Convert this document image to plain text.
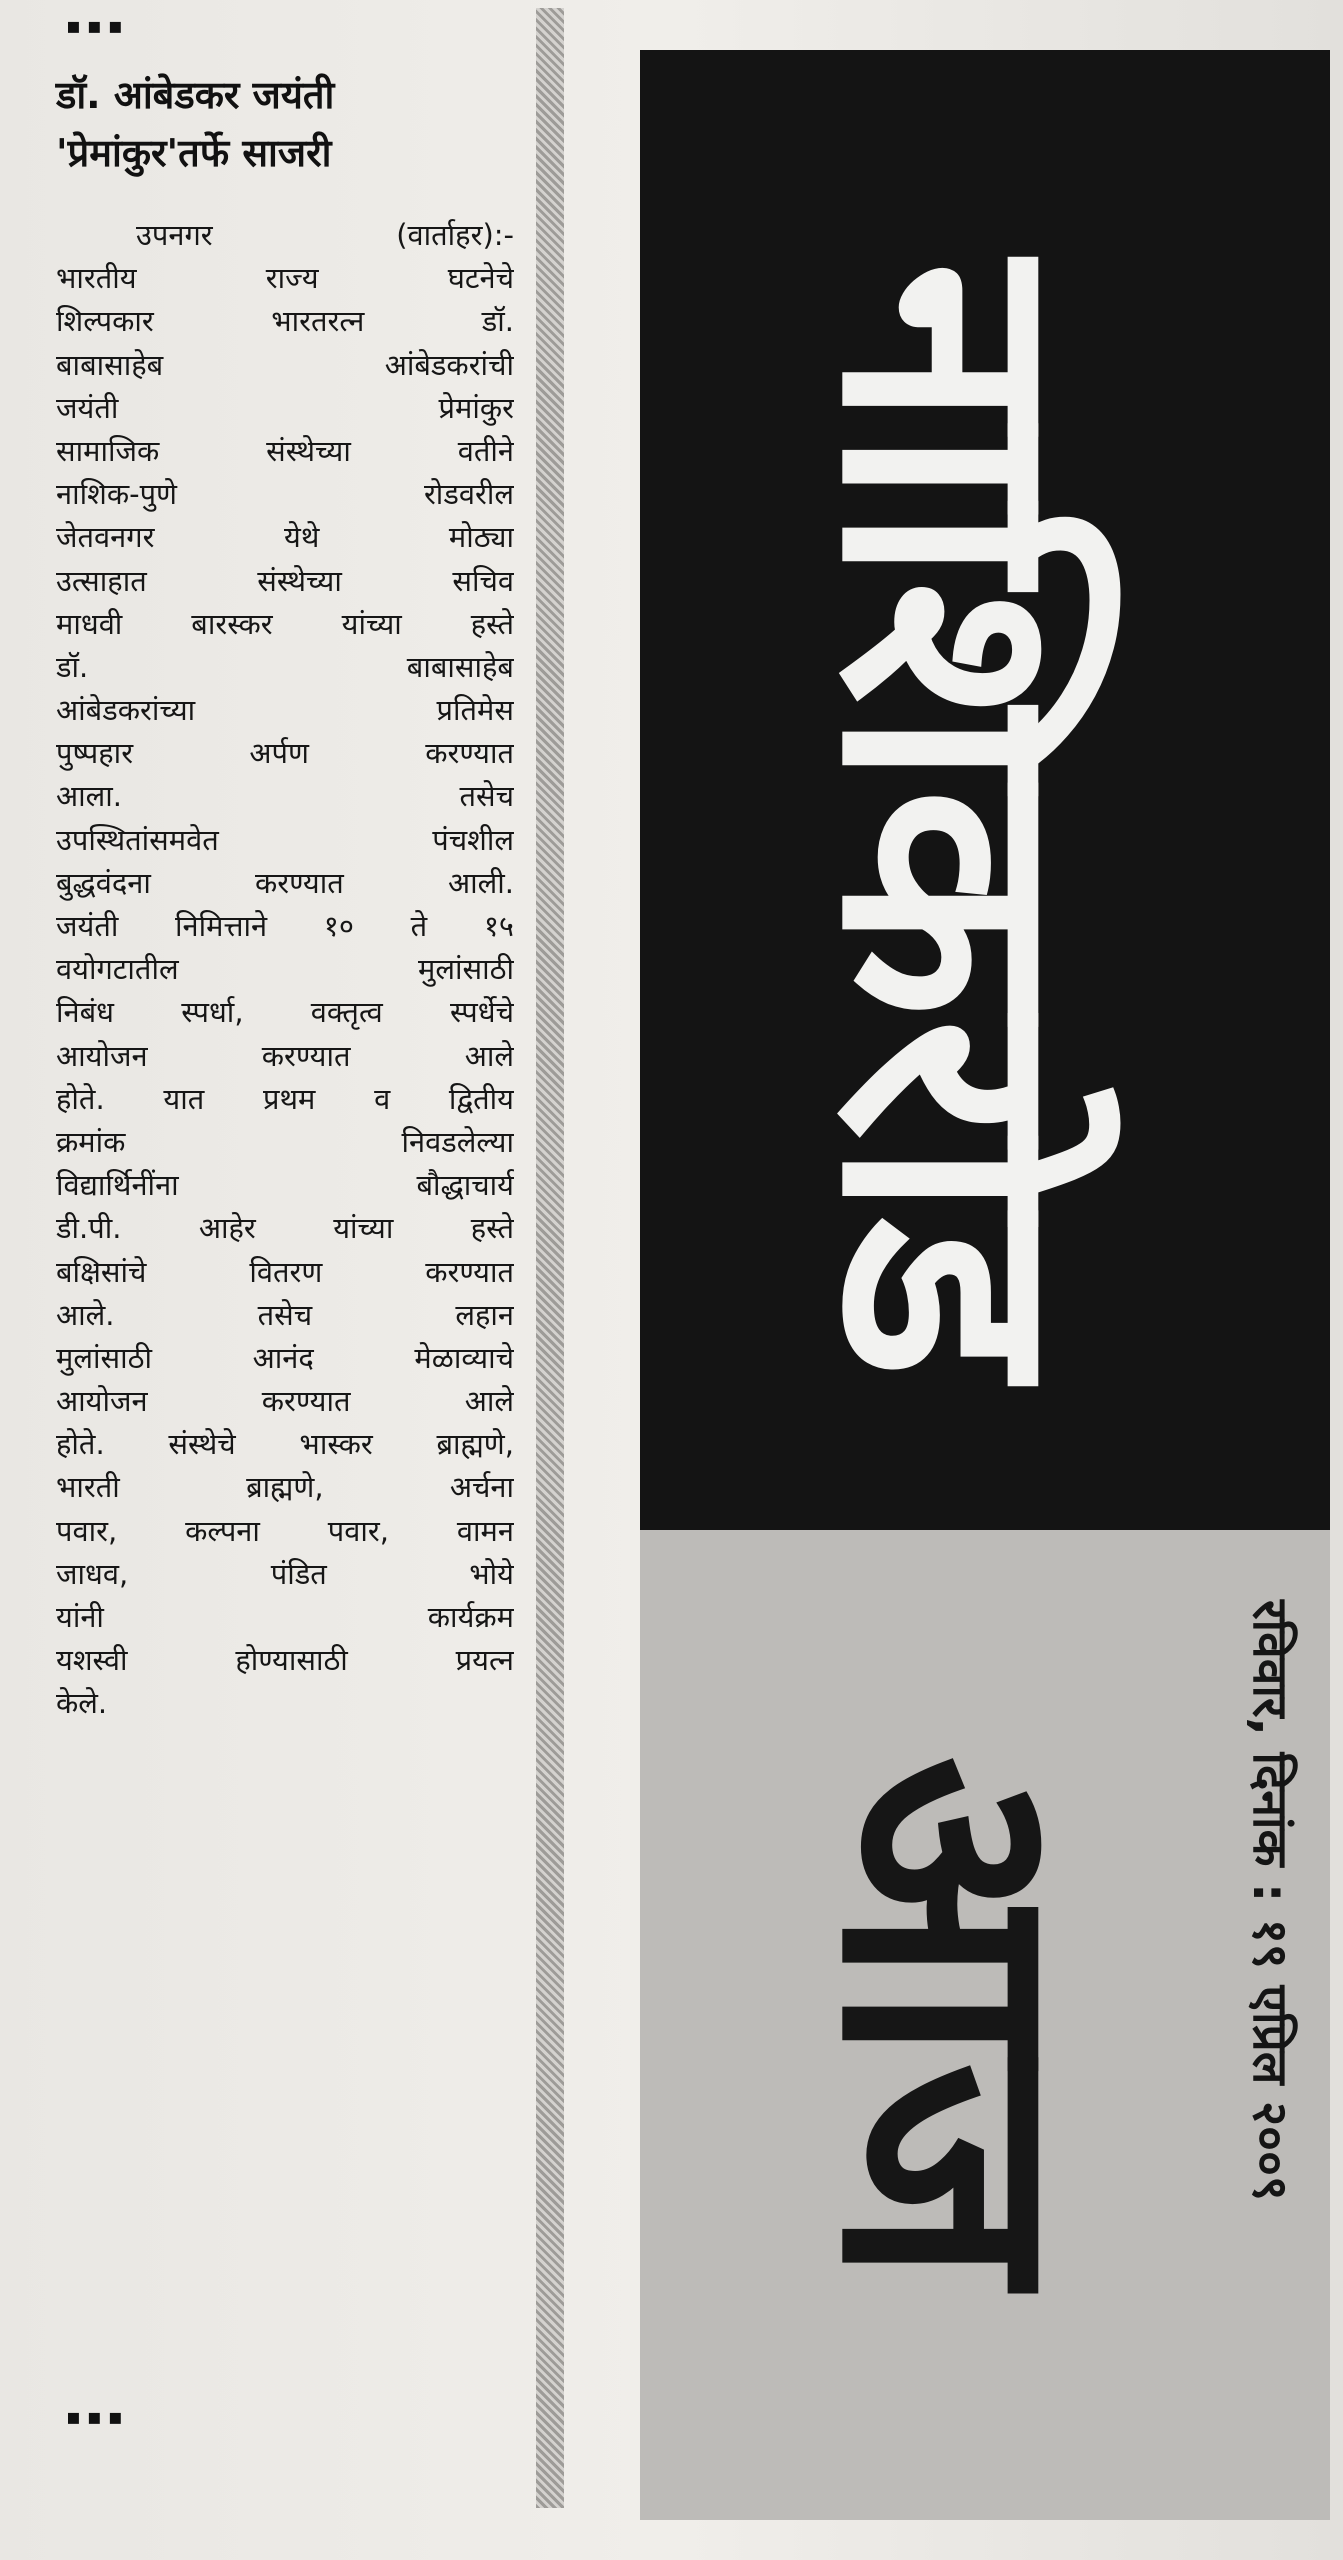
▪▪▪
डॉ. आंबेडकर जयंती
'प्रेमांकुर'तर्फे साजरी
उपनगर (वार्ताहर):-
भारतीय राज्य घटनेचे
शिल्पकार भारतरत्न डॉ.
बाबासाहेब आंबेडकरांची
जयंती प्रेमांकुर
सामाजिक संस्थेच्या वतीने
नाशिक-पुणे रोडवरील
जेतवनगर येथे मोठ्या
उत्साहात संस्थेच्या सचिव
माधवी बारस्कर यांच्या हस्ते
डॉ. बाबासाहेब
आंबेडकरांच्या प्रतिमेस
पुष्पहार अर्पण करण्यात
आला. तसेच
उपस्थितांसमवेत पंचशील
बुद्धवंदना करण्यात आली.
जयंती निमित्ताने १० ते १५
वयोगटातील मुलांसाठी
निबंध स्पर्धा, वक्तृत्व स्पर्धेचे
आयोजन करण्यात आले
होते. यात प्रथम व द्वितीय
क्रमांक निवडलेल्या
विद्यार्थिनींना बौद्धाचार्य
डी.पी. आहेर यांच्या हस्ते
बक्षिसांचे वितरण करण्यात
आले. तसेच लहान
मुलांसाठी आनंद मेळाव्याचे
आयोजन करण्यात आले
होते. संस्थेचे भास्कर ब्राह्मणे,
भारती ब्राह्मणे, अर्चना
पवार, कल्पना पवार, वामन
जाधव, पंडित भोये
यांनी कार्यक्रम
यशस्वी होण्यासाठी प्रयत्न
केले.
▪▪▪
नाशिकरोड
आज रविवार, दिनांक : १९ एप्रिल २००९
